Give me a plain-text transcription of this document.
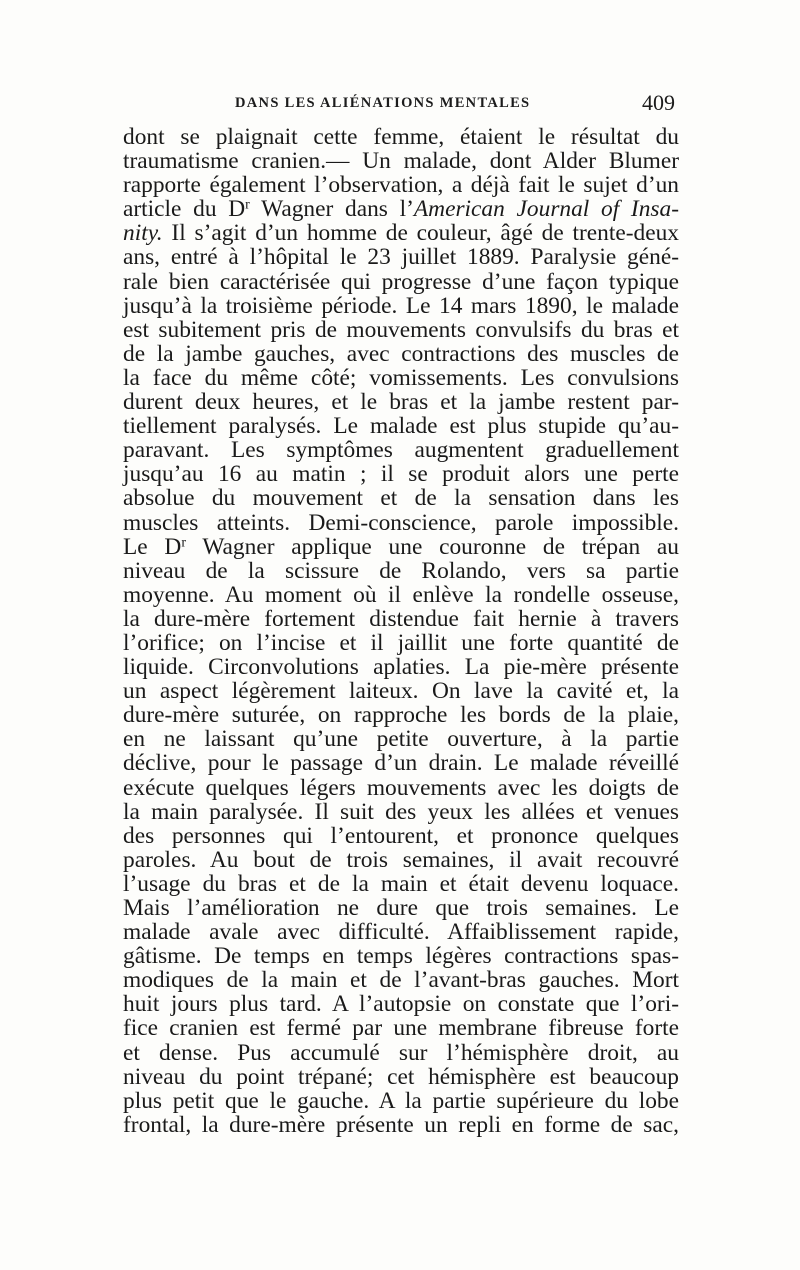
DANS LES ALIÉNATIONS MENTALES	409
dont se plaignait cette femme, étaient le résultat du
traumatisme cranien.— Un malade, dont Alder Blumer
rapporte également l’observation, a déjà fait le sujet d’un
article du $D^r$ Wagner dans l’American Journal of Insa-
nity. Il s’agit d’un homme de couleur, âgé de trente-deux
ans, entré à l’hôpital le 23 juillet 1889. Paralysie géné-
rale bien caractérisée qui progresse d’une façon typique
jusqu’à la troisième période. Le 14 mars 1890, le malade
est subitement pris de mouvements convulsifs du bras et
de la jambe gauches, avec contractions des muscles de
la face du même côté; vomissements. Les convulsions
durent deux heures, et le bras et la jambe restent par-
tiellement paralysés. Le malade est plus stupide qu’au-
paravant. Les symptômes augmentent graduellement
jusqu’au 16 au matin ; il se produit alors une perte
absolue du mouvement et de la sensation dans les
muscles atteints. Demi-conscience, parole impossible.
Le $D^r$ Wagner applique une couronne de trépan au
niveau de la scissure de Rolando, vers sa partie
moyenne. Au moment où il enlève la rondelle osseuse,
la dure-mère fortement distendue fait hernie à travers
l’orifice; on l’incise et il jaillit une forte quantité de
liquide. Circonvolutions aplaties. La pie-mère présente
un aspect légèrement laiteux. On lave la cavité et, la
dure-mère suturée, on rapproche les bords de la plaie,
en ne laissant qu’une petite ouverture, à la partie
déclive, pour le passage d’un drain. Le malade réveillé
exécute quelques légers mouvements avec les doigts de
la main paralysée. Il suit des yeux les allées et venues
des personnes qui l’entourent, et prononce quelques
paroles. Au bout de trois semaines, il avait recouvré
l’usage du bras et de la main et était devenu loquace.
Mais l’amélioration ne dure que trois semaines. Le
malade avale avec difficulté. Affaiblissement rapide,
gâtisme. De temps en temps légères contractions spas-
modiques de la main et de l’avant-bras gauches. Mort
huit jours plus tard. A l’autopsie on constate que l’ori-
fice cranien est fermé par une membrane fibreuse forte
et dense. Pus accumulé sur l’hémisphère droit, au
niveau du point trépané; cet hémisphère est beaucoup
plus petit que le gauche. A la partie supérieure du lobe
frontal, la dure-mère présente un repli en forme de sac,
